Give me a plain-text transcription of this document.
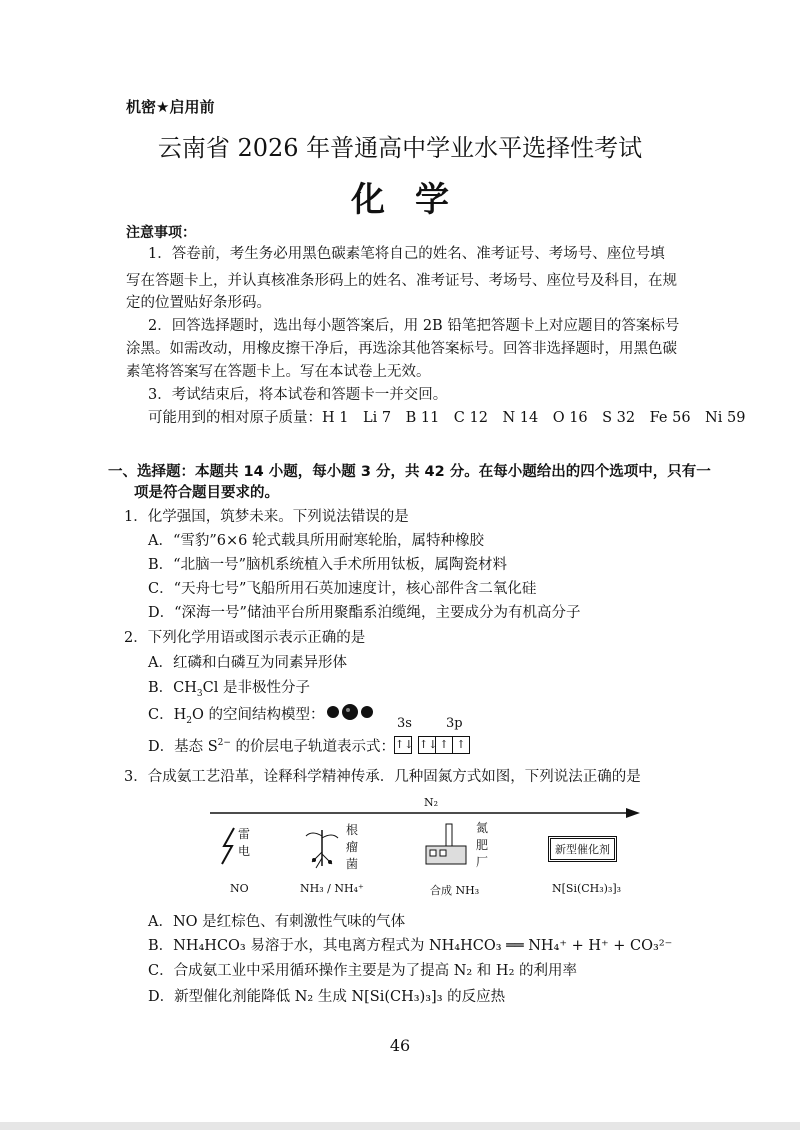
机密★启用前
云南省 2026 年普通高中学业水平选择性考试
化学
注意事项：
1．答卷前，考生务必用黑色碳素笔将自己的姓名、准考证号、考场号、座位号填
写在答题卡上，并认真核准条形码上的姓名、准考证号、考场号、座位号及科目，在规
定的位置贴好条形码。
2．回答选择题时，选出每小题答案后，用 2B 铅笔把答题卡上对应题目的答案标号
涂黑。如需改动，用橡皮擦干净后，再选涂其他答案标号。回答非选择题时，用黑色碳
素笔将答案写在答题卡上。写在本试卷上无效。
3．考试结束后，将本试卷和答题卡一并交回。
可能用到的相对原子质量：H 1　Li 7　B 11　C 12　N 14　O 16　S 32　Fe 56　Ni 59
一、选择题：本题共 14 小题，每小题 3 分，共 42 分。在每小题给出的四个选项中，只有一
项是符合题目要求的。
1．化学强国，筑梦未来。下列说法错误的是
A．“雪豹”6×6 轮式载具所用耐寒轮胎，属特种橡胶
B．“北脑一号”脑机系统植入手术所用钛板，属陶瓷材料
C．“天舟七号”飞船所用石英加速度计，核心部件含二氧化硅
D．“深海一号”储油平台所用聚酯系泊缆绳，主要成分为有机高分子
2．下列化学用语或图示表示正确的是
A．红磷和白磷互为同素异形体
B．$CH_3Cl$ 是非极性分子
C．$H_2O$ 的空间结构模型：
3s	3p
D．基态 $S^{2-}$ 的价层电子轨道表示式： ↑↓ ↑↓ ↑ ↑
3．合成氨工艺沿革，诠释科学精神传承．几种固氮方式如图，下列说法正确的是
N₂
雷电
根瘤菌
氮肥厂
新型催化剂
NO	NH₃ / NH₄⁺	合成 NH₃	N[Si(CH₃)₃]₃
A．NO 是红棕色、有刺激性气味的气体
B．NH₄HCO₃ 易溶于水，其电离方程式为 NH₄HCO₃ ══ NH₄⁺ + H⁺ + CO₃²⁻
C．合成氨工业中采用循环操作主要是为了提高 N₂ 和 H₂ 的利用率
D．新型催化剂能降低 N₂ 生成 N[Si(CH₃)₃]₃ 的反应热
46
